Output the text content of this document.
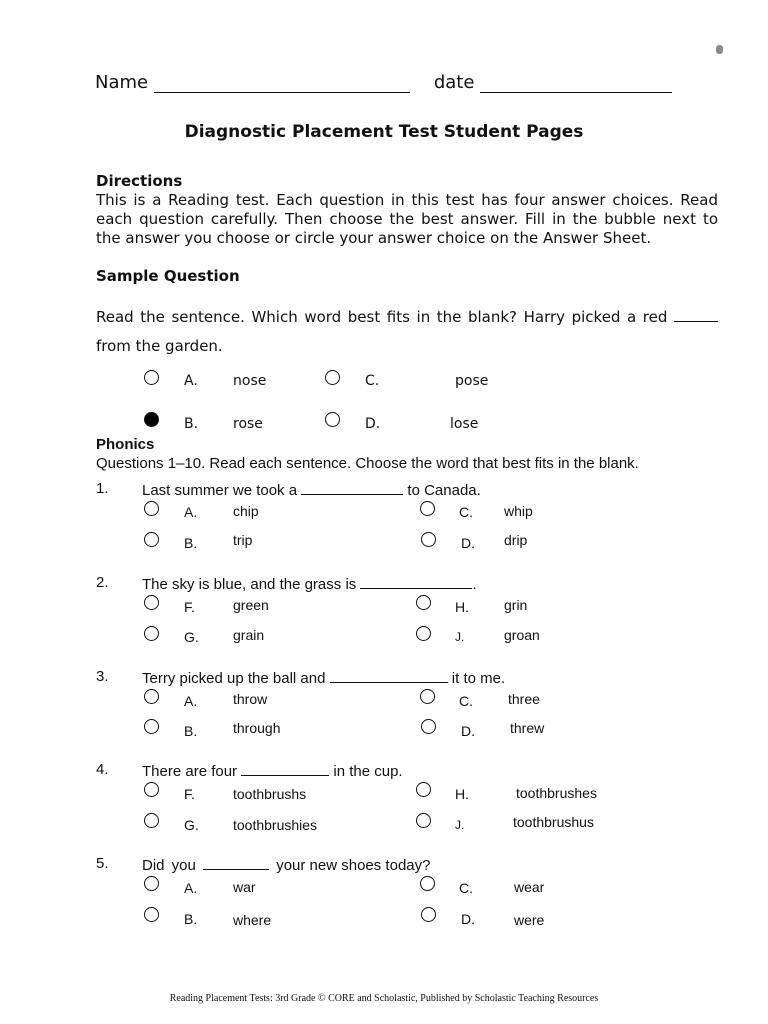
Name	date
Diagnostic Placement Test Student Pages
Directions
This is a Reading test. Each question in this test has four answer choices. Read each question carefully. Then choose the best answer. Fill in the bubble next to the answer you choose or circle your answer choice on the Answer Sheet.
Sample Question
Read the sentence. Which word best fits in the blank? Harry picked a red  from the garden.
A.	nose	C.	pose
B. rose	D.	lose
Phonics
Questions 1–10. Read each sentence. Choose the word that best fits in the blank.
1. Last summer we took a	to Canada.
A.	chip	C. whip
B.	trip	D. drip
2. The sky is blue, and the grass is	.
F.	green	H.	grin
G. grain	J.	groan
3. Terry picked up the ball and	it to me.
A.	throw	C.	three
B.	through	D.	threw
4. There are four	in the cup.
F.	toothbrushs	H.	toothbrushes
G. toothbrushies	J.	toothbrushus
5. Did you	your new shoes today?
A.	war	C.	wear
B.	where	D.	were
Reading Placement Tests: 3rd Grade © CORE and Scholastic, Published by Scholastic Teaching Resources
